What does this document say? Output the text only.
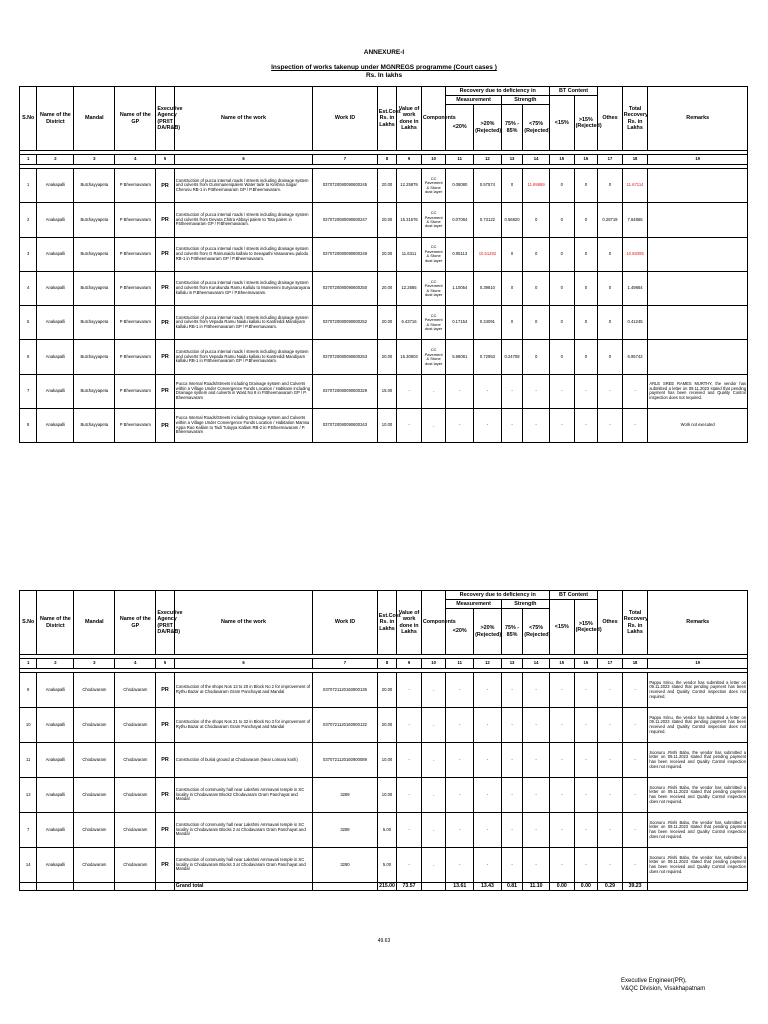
ANNEXURE-I
Inspection of works takenup under MGNREGS programme (Court cases )
Rs. In lakhs
S.No	Name of the District	Mandal	Name of the GP	Executive Agency (PR/IT DA/R&B)	Name of the work	Work ID	Est.Cost Rs. in Lakhs	Value of work done in Lakhs	Components	Recovery due to deficiency in				BT Content		Othes	Total Recovery Rs. in Lakhs	Remarks
										Measurement		Strength		<15%	>15% (Rejected)			
										<20%	>20% (Rejected)	75% - 85%	<75% (Rejected)					

1	2	3	4	5	6	7	8	9	10	11	12	13	14	15	16	17	18	19

1	Anakapalli	Butchayyapeta	P Bheemavaram	PR	Construction of pucca internal roads / streets including drainage system and culverts from Gummanenipalem Water tank to Krishna Sagar Cheruvu RB-1 in P.Bheemavaram GP / P.Bheemavaram.	0370720080090800245	20.00	12.25879	CC Pavement & Stone dust layer	0.08080	0.57574	0	11.89869	0	0	0	11.67114	
2	Anakapalli	Butchayyapeta	P Bheemavaram	PR	Construction of pucca internal roads / streets including drainage system and culverts from Devara Chitra Abbayi palem to Tota palem in P.Bheemavaram GP / P.Bheemavaram.	0370720080090800247	20.00	15.31576	CC Pavement & Stone dust layer	0.07084	0.73122	0.56820	0	0	0	0.28719	7.64865	
3	Anakapalli	Butchayyapeta	P Bheemavaram	PR	Construction of pucca internal roads / streets including drainage system and culverts from G Ramunaidu kallalu to Seeapathi Vasavaneu palodu RB-1 in P.Bheemavaram GP / P.Bheemavaram.	0370720080090800249	20.00	11.6311	CC Pavement & Stone dust layer	0.05113	10.51282	0	0	0	0	0	10.68395	
4	Anakapalli	Butchayyapeta	P Bheemavaram	PR	Construction of pucca internal roads / streets including drainage system and culverts from Kurukunda Ramu Kallulu to Muneenini Suryanarayana kallalu in P.Bheemavaram GP / P.Bheemavaram.	0370720080090800250	20.00	12.2685	CC Pavement & Stone dust layer	1.10054	0.39810	0	0	0	0	0	1.49864	
5	Anakapalli	Butchayyapeta	P Bheemavaram	PR	Construction of pucca internal roads / streets including drainage system and culverts from Vepada Ramu Naidu kallalu to Kantreddi Mandiyam kallalu RB-1 in P.Bheemavaram GP / P.Bheemavaram.	0370720080090800252	20.00	6.43716	CC Pavement & Stone dust layer	0.17154	0.24091	0	0	0	0	0	0.41245	
6	Anakapalli	Butchayyapeta	P Bheemavaram	PR	Construction of pucca internal roads / streets including drainage system and culverts from Vepada Ramu Naidu kallalu to Kantreddi Mandiyam kallalu RB-1 in P.Bheemavaram GP / P.Bheemavaram.	0370720080090800253	20.00	15.30903	CC Pavement & Stone dust layer	5.98081	0.72953	0.24708	0	0	0	0	6.95742	
7	Anakapalli	Butchayyapeta	P Bheemavaram	PR	Pucca Internal Roads/Streets including Drainage system and Culverts within a Village Under Convergence Funds Location / Habitaon including Drainage system and culverts in Ward No 8 in P.Bheemavaram GP / P. Bheemavaram	0370720080090800329	15.00	-	-	-	-	-	-	-	-	-	-	ARLE SREE RAMES MURTHY, the vendor has submitted a letter on 09.11.2023 stated that pending payment has been received and Quality Control inspection does not required.
8	Anakapalli	Butchayyapeta	P Bheemavaram	PR	Pucca Internal Roads/Streets including Drainage system and Culverts within a Village Under Convergence Funds Location / Habitation Mamsa Appa Rao Kallam to Tadi Tulayya Kallam RB-2 in P.Bheemavaram / P. Bheemavaram	0370720080090800343	10.00	-	-	-	-	-	-	-	-	-	-	Work not executed
S.No	Name of the District	Mandal	Name of the GP	Executive Agency (PR/IT DA/R&B)	Name of the work	Work ID	Est.Cost Rs. in Lakhs	Value of work done in Lakhs	Components	Recovery due to deficiency in				BT Content		Othes	Total Recovery Rs. in Lakhs	Remarks
										Measurement		Strength		<15%	>15% (Rejected)			
										<20%	>20% (Rejected)	75% - 85%	<75% (Rejected)					

1	2	3	4	5	6	7	8	9	10	11	12	13	14	15	16	17	18	19

9	Anakapalli	Chodavaram	Chodavaram	PR	Construction of the shops Nos 13 to 20 in Block No 2 for improvement of Rythu Bazar at Chodavaram Gram Panchayat and Mandal	0370721120160900136	20.00	-	-	-	-	-	-	-	-	-	-	Pappu Srinu, the vendor has submitted a letter on 09.11.2023 stated that pending payment has been received and Quality Control inspection does not required.
10	Anakapalli	Chodavaram	Chodavaram	PR	Construction of the shops Nos 21 to 32 in Block No 3 for improvement of Rythu Bazar at Chodavaram Gram Panchayat and Mandal	0370721120160900132	20.00	-	-	-	-	-	-	-	-	-	-	Pappu Srinu, the vendor has submitted a letter on 09.11.2023 stated that pending payment has been received and Quality Control inspection does not required.
11	Anakapalli	Chodavaram	Chodavaram	PR	Construction of burial ground at Chodavaram (Near Lomara kosh)	0370721120160900089	10.00	-	-	-	-	-	-	-	-	-	-	Soonuru .Rishi Babu, the vendor has submitted a letter on 09.11.2023 stated that pending payment has been received and Quality Control inspection does not required.
12	Anakapalli	Chodavaram	Chodavaram	PR	Construction of community hall near Lakshmi Ammavari temple in SC locality in Chodavaram Block2 Chodavaram Gram Panchayat and Mandal	3289	10.00	-	-	-	-	-	-	-	-	-	-	Soonuru .Rishi Babu, the vendor has submitted a letter on 09.11.2023 stated that pending payment has been received and Quality Control inspection does not required.
7	Anakapalli	Chodavaram	Chodavaram	PR	Construction of community hall near Lakshmi Ammavari temple in SC locality in Chodavaram Blocks 2 at Chodavaram Gram Panchayat and Mandal	3288	5.00	-	-	-	-	-	-	-	-	-	-	Soonuru .Rishi Babu, the vendor has submitted a letter on 09.11.2023 stated that pending payment has been received and Quality Control inspection does not required.
14	Anakapalli	Chodavaram	Chodavaram	PR	Construction of community hall near Lakshmi Ammavari temple in SC locality in Chodavaram Blocks 3 at Chodavaram Gram Panchayat and Mandal	3290	5.00	-	-	-	-	-	-	-	-	-	-	Soonuru .Rishi Babu, the vendor has submitted a letter on 09.11.2023 stated that pending payment has been received and Quality Control inspection does not required.
					Grand total		215.00	73.57		13.61	13.43	0.81	11.10	0.00	0.00	0.29	39.23	
49.63
Executive Engineer(PR),
V&QC Division, Visakhapatnam
